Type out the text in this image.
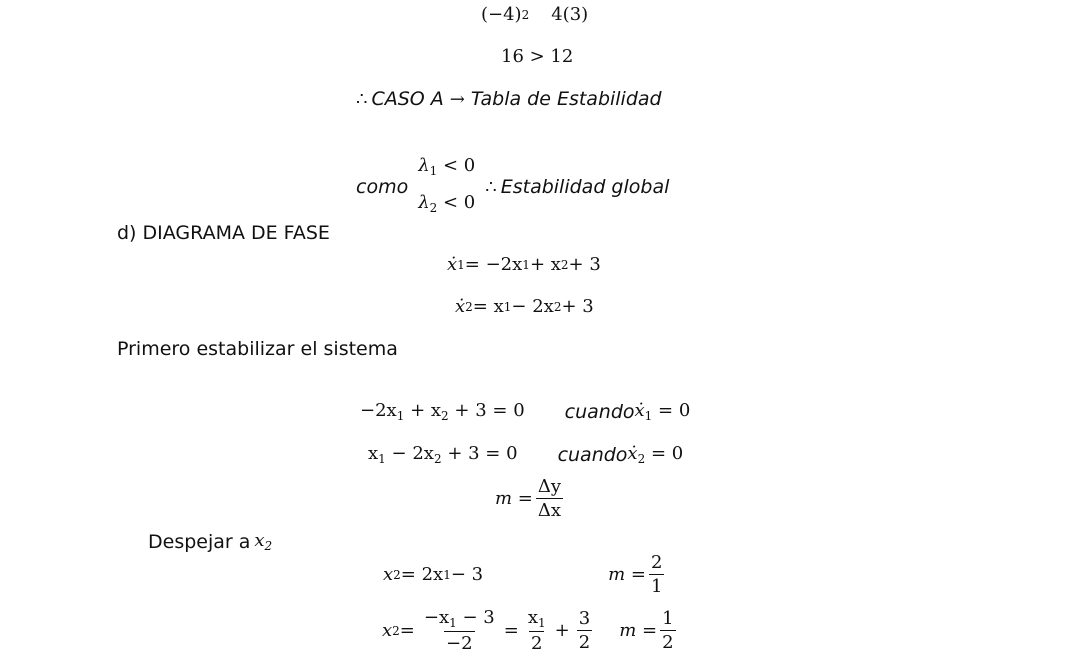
(−4) 2 4(3)
16 > 12
∴ CASO A → Tabla de Estabilidad
como
$\lambda_1 < 0$
$\lambda_2 < 0$
∴ Estabilidad global
d) DIAGRAMA DE FASE
ẋ 1 = −2x 1 + x 2 + 3
ẋ 2 = x 1 − 2x 2 + 3
Primero estabilizar el sistema
$-2x_1 + x_2 + 3 = 0$ cuando ẋ$_1$ = 0
$x_1 - 2x_2 + 3 = 0$ cuando ẋ$_2$ = 0
$m = \frac{\Delta y}{\Delta x}$
Despejar a $x_2$
x 2 = 2x 1 − 3	$m = \frac{2}{1}$
x $2 = \frac{-x_1 - 3}{-2} = \frac{x_1}{2} + \frac{3}{2}$ $m = \frac{1}{2}$
